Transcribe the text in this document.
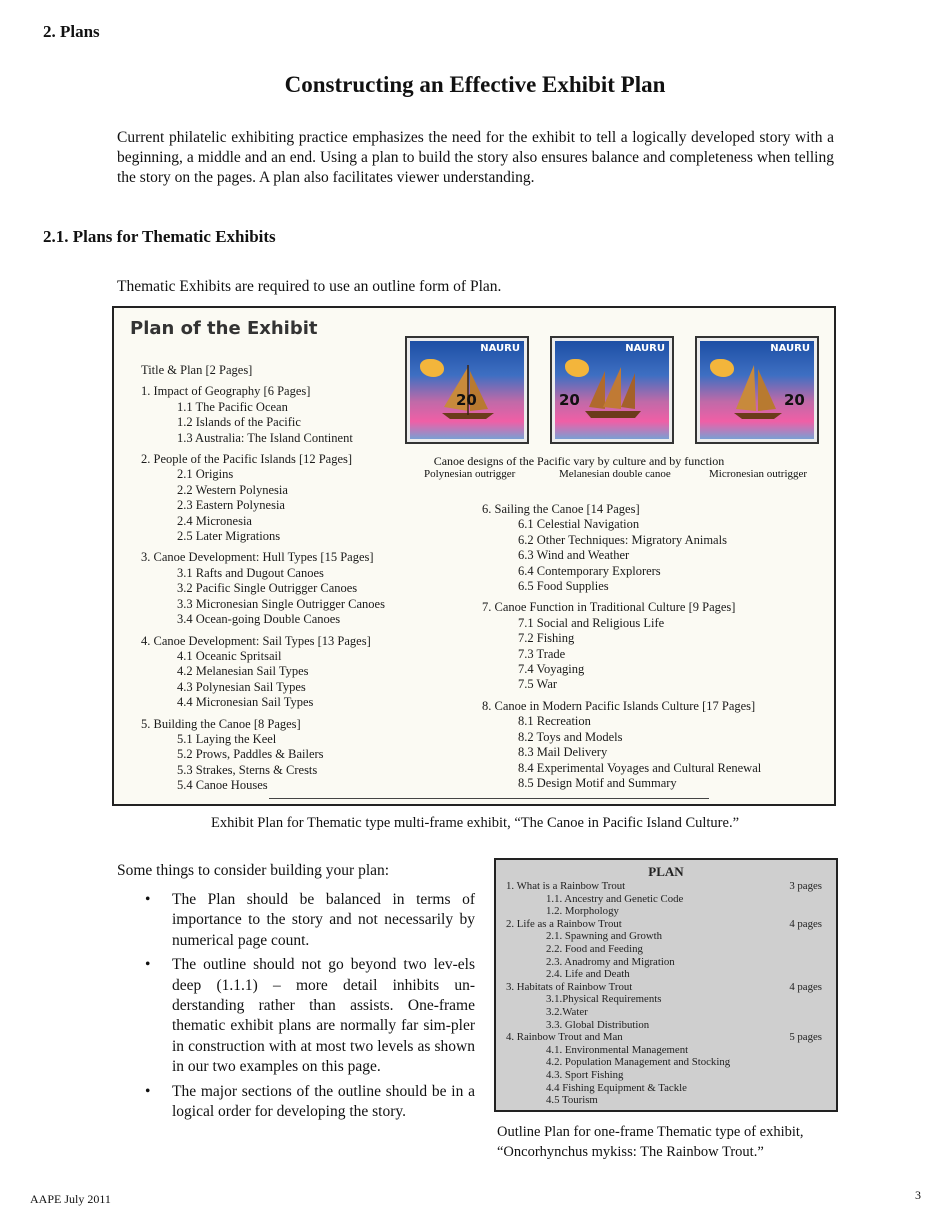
2. Plans
Constructing an Effective Exhibit Plan
Current philatelic exhibiting practice emphasizes the need for the exhibit to tell a logically developed story with a beginning, a middle and an end. Using a plan to build the story also ensures balance and completeness when telling the story on the pages. A plan also facilitates viewer understanding.
2.1. Plans for Thematic Exhibits
Thematic Exhibits are required to use an outline form of Plan.
Plan of the Exhibit
Title & Plan [2 Pages]
1. Impact of Geography [6 Pages]
1.1 The Pacific Ocean
1.2 Islands of the Pacific
1.3 Australia: The Island Continent
2. People of the Pacific Islands [12 Pages]
2.1 Origins
2.2 Western Polynesia
2.3 Eastern Polynesia
2.4 Micronesia
2.5 Later Migrations
3. Canoe Development: Hull Types [15 Pages]
3.1 Rafts and Dugout Canoes
3.2 Pacific Single Outrigger Canoes
3.3 Micronesian Single Outrigger Canoes
3.4 Ocean-going Double Canoes
4. Canoe Development: Sail Types [13 Pages]
4.1 Oceanic Spritsail
4.2 Melanesian Sail Types
4.3 Polynesian Sail Types
4.4 Micronesian Sail Types
5. Building the Canoe [8 Pages]
5.1 Laying the Keel
5.2 Prows, Paddles & Bailers
5.3 Strakes, Sterns & Crests
5.4 Canoe Houses
6. Sailing the Canoe [14 Pages]
6.1 Celestial Navigation
6.2 Other Techniques: Migratory Animals
6.3 Wind and Weather
6.4 Contemporary Explorers
6.5 Food Supplies
7. Canoe Function in Traditional Culture [9 Pages]
7.1 Social and Religious Life
7.2 Fishing
7.3 Trade
7.4 Voyaging
7.5 War
8. Canoe in Modern Pacific Islands Culture [17 Pages]
8.1 Recreation
8.2 Toys and Models
8.3 Mail Delivery
8.4 Experimental Voyages and Cultural Renewal
8.5 Design Motif and Summary
NAURU
20
NAURU
20
NAURU
20
Canoe designs of the Pacific vary by culture and by function
Polynesian outrigger	Melanesian double canoe	Micronesian outrigger
Exhibit Plan for Thematic type multi-frame exhibit, “The Canoe in Pacific Island Culture.”
Some things to consider building your plan:
• The Plan should be balanced in terms of importance to the story and not necessarily by numerical page count.
• The outline should not go beyond two lev-els deep (1.1.1) – more detail inhibits un-derstanding rather than assists. One-frame thematic exhibit plans are normally far sim-pler in construction with at most two levels as shown in our two examples on this page.
• The major sections of the outline should be in a logical order for developing the story.
PLAN
1. What is a Rainbow Trout	3 pages
1.1. Ancestry and Genetic Code
1.2. Morphology
2. Life as a Rainbow Trout	4 pages
2.1. Spawning and Growth
2.2. Food and Feeding
2.3. Anadromy and Migration
2.4. Life and Death
3. Habitats of Rainbow Trout	4 pages
3.1.Physical Requirements
3.2.Water
3.3. Global Distribution
4. Rainbow Trout and Man	5 pages
4.1. Environmental Management
4.2. Population Management and Stocking
4.3. Sport Fishing
4.4 Fishing Equipment & Tackle
4.5 Tourism
Outline Plan for one-frame Thematic type of exhibit, “Oncorhynchus mykiss: The Rainbow Trout.”
AAPE July 2011	3
